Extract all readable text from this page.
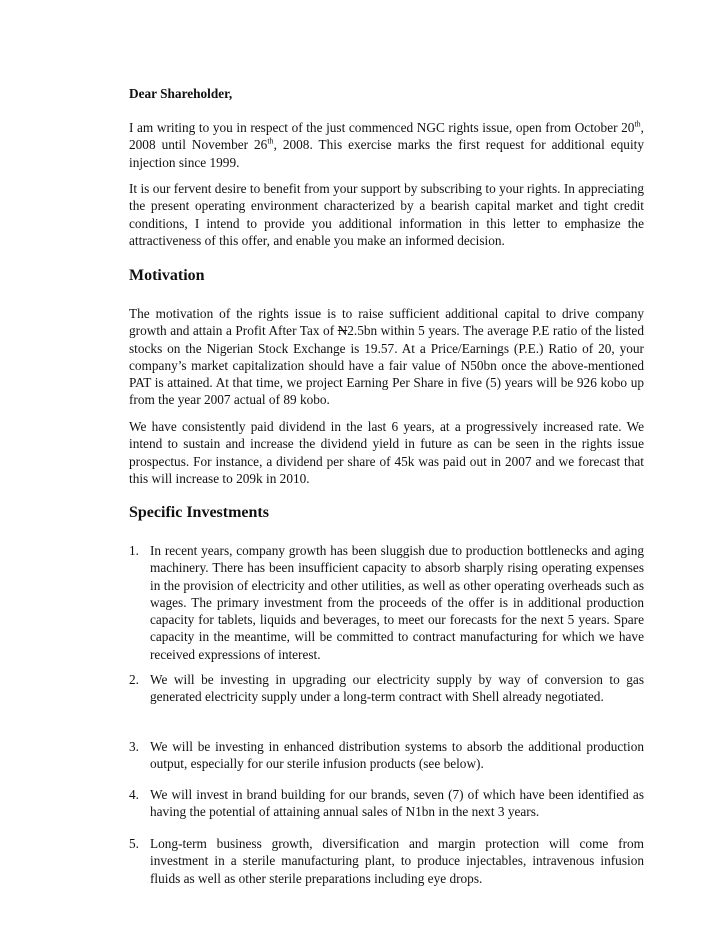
Dear Shareholder,

I am writing to you in respect of the just commenced NGC rights issue, open from October 20th, 2008 until November 26th, 2008. This exercise marks the first request for additional equity injection since 1999.

It is our fervent desire to benefit from your support by subscribing to your rights. In appreciating the present operating environment characterized by a bearish capital market and tight credit conditions, I intend to provide you additional information in this letter to emphasize the attractiveness of this offer, and enable you make an informed decision.

Motivation

The motivation of the rights issue is to raise sufficient additional capital to drive company growth and attain a Profit After Tax of N2.5bn within 5 years. The average P.E ratio of the listed stocks on the Nigerian Stock Exchange is 19.57. At a Price/Earnings (P.E.) Ratio of 20, your company’s market capitalization should have a fair value of N50bn once the above-mentioned PAT is attained. At that time, we project Earning Per Share in five (5) years will be 926 kobo up from the year 2007 actual of 89 kobo.

We have consistently paid dividend in the last 6 years, at a progressively increased rate. We intend to sustain and increase the dividend yield in future as can be seen in the rights issue prospectus. For instance, a dividend per share of 45k was paid out in 2007 and we forecast that this will increase to 209k in 2010.

Specific Investments
1. In recent years, company growth has been sluggish due to production bottlenecks and aging machinery. There has been insufficient capacity to absorb sharply rising operating expenses in the provision of electricity and other utilities, as well as other operating overheads such as wages. The primary investment from the proceeds of the offer is in additional production capacity for tablets, liquids and beverages, to meet our forecasts for the next 5 years. Spare capacity in the meantime, will be committed to contract manufacturing for which we have received expressions of interest.
2. We will be investing in upgrading our electricity supply by way of conversion to gas generated electricity supply under a long-term contract with Shell already negotiated.
3. We will be investing in enhanced distribution systems to absorb the additional production output, especially for our sterile infusion products (see below).
4. We will invest in brand building for our brands, seven (7) of which have been identified as having the potential of attaining annual sales of N1bn in the next 3 years.
5. Long-term business growth, diversification and margin protection will come from investment in a sterile manufacturing plant, to produce injectables, intravenous infusion fluids as well as other sterile preparations including eye drops.
